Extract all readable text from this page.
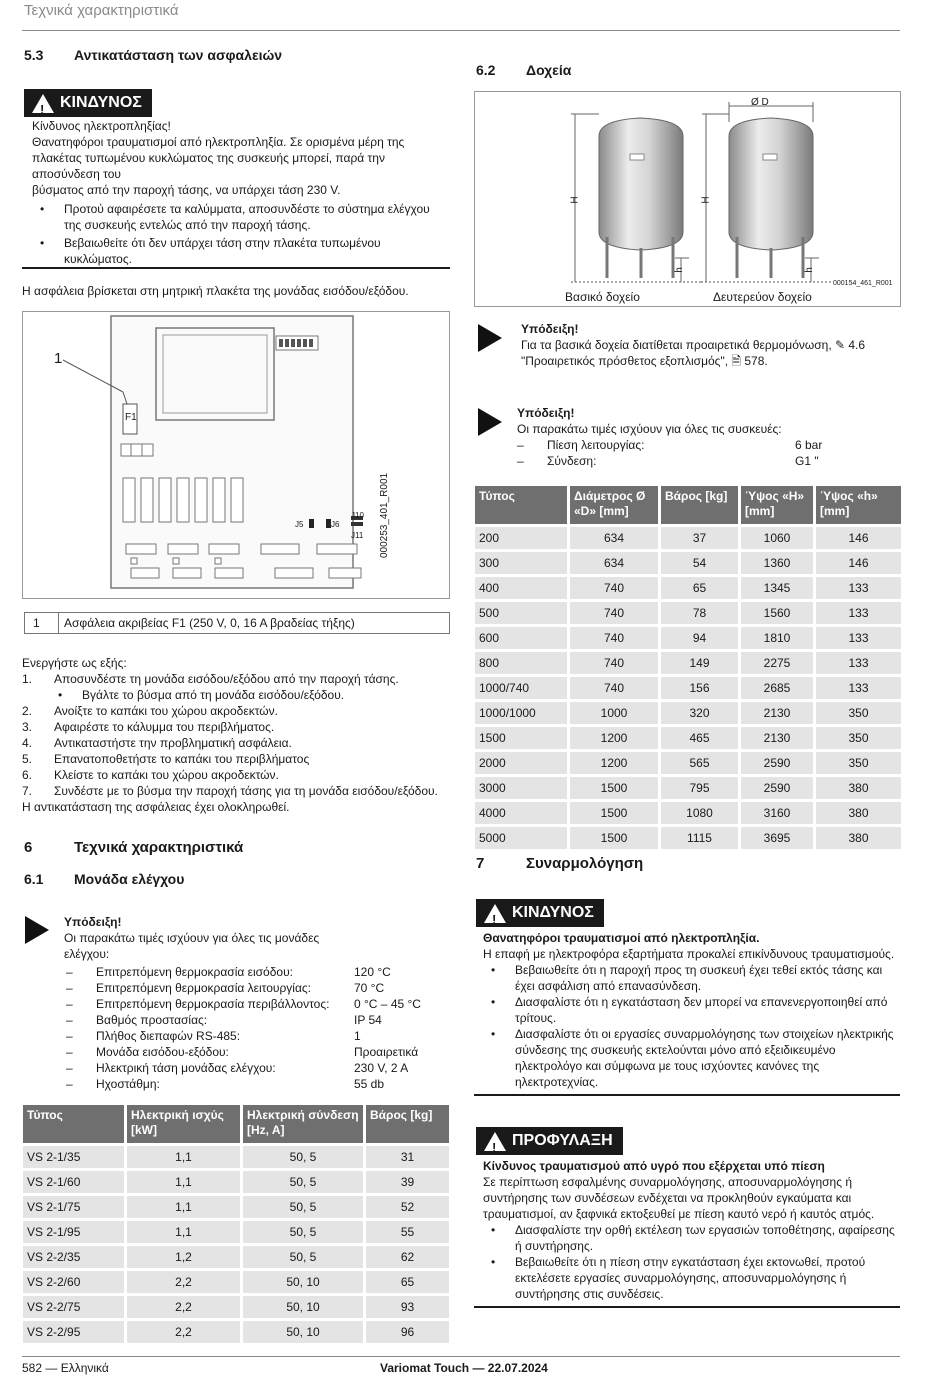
Τεχνικά χαρακτηριστικά
5.3 Αντικατάσταση των ασφαλειών
! ΚΙΝΔΥΝΟΣ

Κίνδυνος ηλεκτροπληξίας!

Θανατηφόροι τραυματισμοί από ηλεκτροπληξία. Σε ορισμένα μέρη της

πλακέτας τυπωμένου κυκλώματος της συσκευής μπορεί, παρά την

αποσύνδεση του

βύσματος από την παροχή τάσης, να υπάρχει τάση 230 V.

• Προτού αφαιρέσετε τα καλύμματα, αποσυνδέστε το σύστημα ελέγχου της συσκευής εντελώς από την παροχή τάσης.

• Βεβαιωθείτε ότι δεν υπάρχει τάση στην πλακέτα τυπωμένου κυκλώματος.

Η ασφάλεια βρίσκεται στη μητρική πλακέτα της μονάδας εισόδου/εξόδου.
1
F1
J10
J5	J6
J11 000253_401_R001
1	Ασφάλεια ακριβείας F1 (250 V, 0, 16 A βραδείας τήξης)

Ενεργήστε ως εξής:

1. Αποσυνδέστε τη μονάδα εισόδου/εξόδου από την παροχή τάσης.

• Βγάλτε το βύσμα από τη μονάδα εισόδου/εξόδου.

2. Ανοίξτε το καπάκι του χώρου ακροδεκτών.

3. Αφαιρέστε το κάλυμμα του περιβλήματος.

4. Αντικαταστήστε την προβληματική ασφάλεια.

5. Επανατοποθετήστε το καπάκι του περιβλήματος

6. Κλείστε το καπάκι του χώρου ακροδεκτών.

7. Συνδέστε με το βύσμα την παροχή τάσης για τη μονάδα εισόδου/εξόδου.

Η αντικατάσταση της ασφάλειας έχει ολοκληρωθεί.

6	Τεχνικά χαρακτηριστικά
6.1 Μονάδα ελέγχου

Υπόδειξη!

Οι παρακάτω τιμές ισχύουν για όλες τις μονάδες

ελέγχου:

– Επιτρεπόμενη θερμοκρασία εισόδου:	120 °C
– Επιτρεπόμενη θερμοκρασία λειτουργίας:	70 °C
– Επιτρεπόμενη θερμοκρασία περιβάλλοντος:	0 °C – 45 °C
– Βαθμός προστασίας:	IP 54
– Πλήθος διεπαφών RS-485:	1
– Μονάδα εισόδου-εξόδου:	Προαιρετικά
– Ηλεκτρική τάση μονάδας ελέγχου:	230 V, 2 A
– Ηχοστάθμη:	55 db
Τύπος	Ηλεκτρική ισχύς [kW]	Ηλεκτρική σύνδεση [Hz, A]	Βάρος [kg]
VS 2-1/35	1,1	50, 5	31
VS 2-1/60	1,1	50, 5	39
VS 2-1/75	1,1	50, 5	52
VS 2-1/95	1,1	50, 5	55
VS 2-2/35	1,2	50, 5	62
VS 2-2/60	2,2	50, 10	65
VS 2-2/75	2,2	50, 10	93
VS 2-2/95	2,2	50, 10	96
6.2 Δοχεία
Ø D
H	H
h	h
000154_461_R001
Βασικό δοχείο	Δευτερεύον δοχείο

Υπόδειξη!

Για τα βασικά δοχεία διατίθεται προαιρετικά θερμομόνωση, ✎ 4.6

"Προαιρετικός πρόσθετος εξοπλισμός", 🗎 578.

Υπόδειξη!

Οι παρακάτω τιμές ισχύουν για όλες τις συσκευές:

– Πίεση λειτουργίας:	6 bar
– Σύνδεση:	G1 "
Τύπος	Διάμετρος Ø «D» [mm]	Βάρος [kg]	Ύψος «H» [mm]	Ύψος «h» [mm]
200	634	37	1060	146
300	634	54	1360	146
400	740	65	1345	133
500	740	78	1560	133
600	740	94	1810	133
800	740	149	2275	133
1000/740	740	156	2685	133
1000/1000	1000	320	2130	350
1500	1200	465	2130	350
2000	1200	565	2590	350
3000	1500	795	2590	380
4000	1500	1080	3160	380
5000	1500	1115	3695	380
7	Συναρμολόγηση
! ΚΙΝΔΥΝΟΣ

Θανατηφόροι τραυματισμοί από ηλεκτροπληξία.

Η επαφή με ηλεκτροφόρα εξαρτήματα προκαλεί επικίνδυνους τραυματισμούς.

• Βεβαιωθείτε ότι η παροχή προς τη συσκευή έχει τεθεί εκτός τάσης και έχει ασφάλιση από επανασύνδεση.

• Διασφαλίστε ότι η εγκατάσταση δεν μπορεί να επανενεργοποιηθεί από τρίτους.

• Διασφαλίστε ότι οι εργασίες συναρμολόγησης των στοιχείων ηλεκτρικής σύνδεσης της συσκευής εκτελούνται μόνο από εξειδικευμένο ηλεκτρολόγο και σύμφωνα με τους ισχύοντες κανόνες της ηλεκτροτεχνίας.

! ΠΡΟΦΥΛΑΞΗ

Κίνδυνος τραυματισμού από υγρό που εξέρχεται υπό πίεση

Σε περίπτωση εσφαλμένης συναρμολόγησης, αποσυναρμολόγησης ή συντήρησης των συνδέσεων ενδέχεται να προκληθούν εγκαύματα και τραυματισμοί, αν ξαφνικά εκτοξευθεί με πίεση καυτό νερό ή καυτός ατμός.

• Διασφαλίστε την ορθή εκτέλεση των εργασιών τοποθέτησης, αφαίρεσης ή συντήρησης.

• Βεβαιωθείτε ότι η πίεση στην εγκατάσταση έχει εκτονωθεί, προτού εκτελέσετε εργασίες συναρμολόγησης, αποσυναρμολόγησης ή συντήρησης στις συνδέσεις.

582 — Ελληνικά	Variomat Touch — 22.07.2024
